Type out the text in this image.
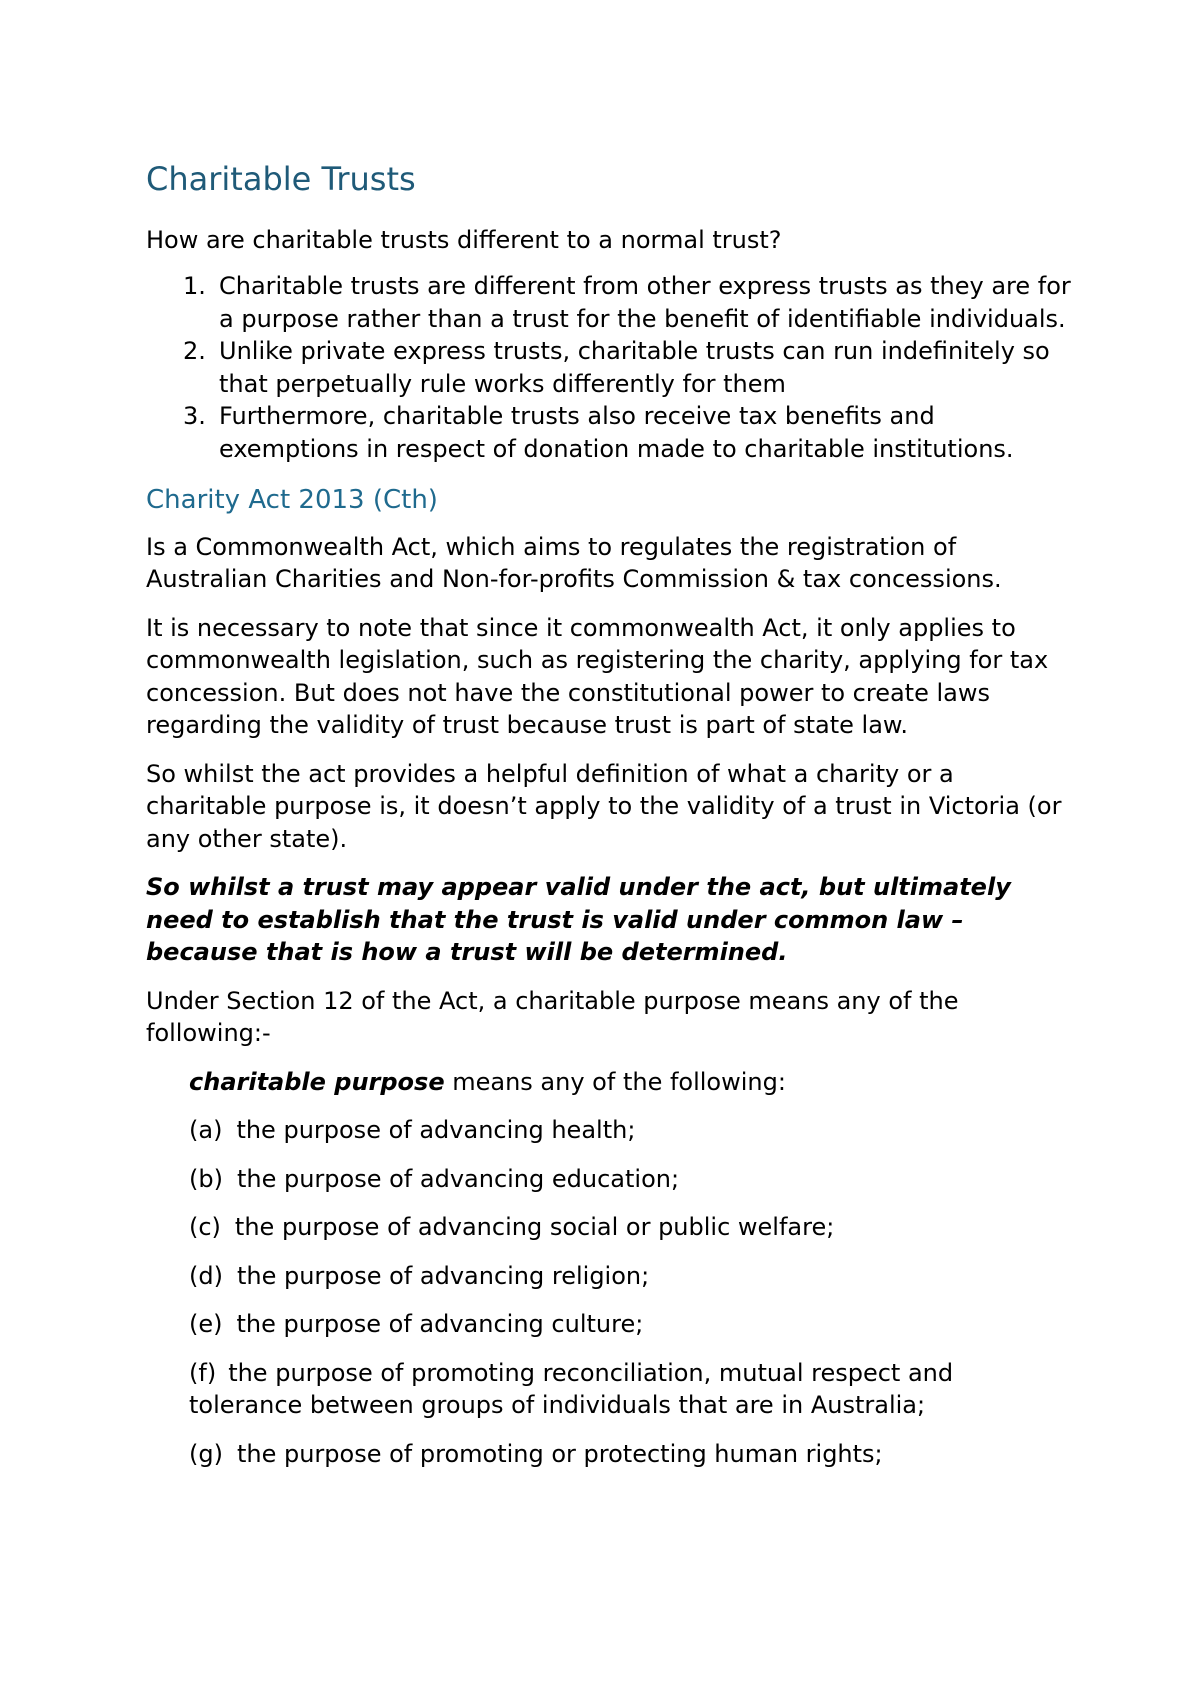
Charitable Trusts

How are charitable trusts different to a normal trust?

1. Charitable trusts are different from other express trusts as they are for a purpose rather than a trust for the benefit of identifiable individuals.
2. Unlike private express trusts, charitable trusts can run indefinitely so that perpetually rule works differently for them
3. Furthermore, charitable trusts also receive tax benefits and exemptions in respect of donation made to charitable institutions.
Charity Act 2013 (Cth)

Is a Commonwealth Act, which aims to regulates the registration of Australian Charities and Non-for-profits Commission & tax concessions.

It is necessary to note that since it commonwealth Act, it only applies to commonwealth legislation, such as registering the charity, applying for tax concession. But does not have the constitutional power to create laws regarding the validity of trust because trust is part of state law.

So whilst the act provides a helpful definition of what a charity or a charitable purpose is, it doesn’t apply to the validity of a trust in Victoria (or any other state).

So whilst a trust may appear valid under the act, but ultimately need to establish that the trust is valid under common law – because that is how a trust will be determined.

Under Section 12 of the Act, a charitable purpose means any of the following:-

charitable purpose means any of the following:

(a) the purpose of advancing health;

(b) the purpose of advancing education;

(c) the purpose of advancing social or public welfare;

(d) the purpose of advancing religion;

(e) the purpose of advancing culture;

(f) the purpose of promoting reconciliation, mutual respect and tolerance between groups of individuals that are in Australia;

(g) the purpose of promoting or protecting human rights;
